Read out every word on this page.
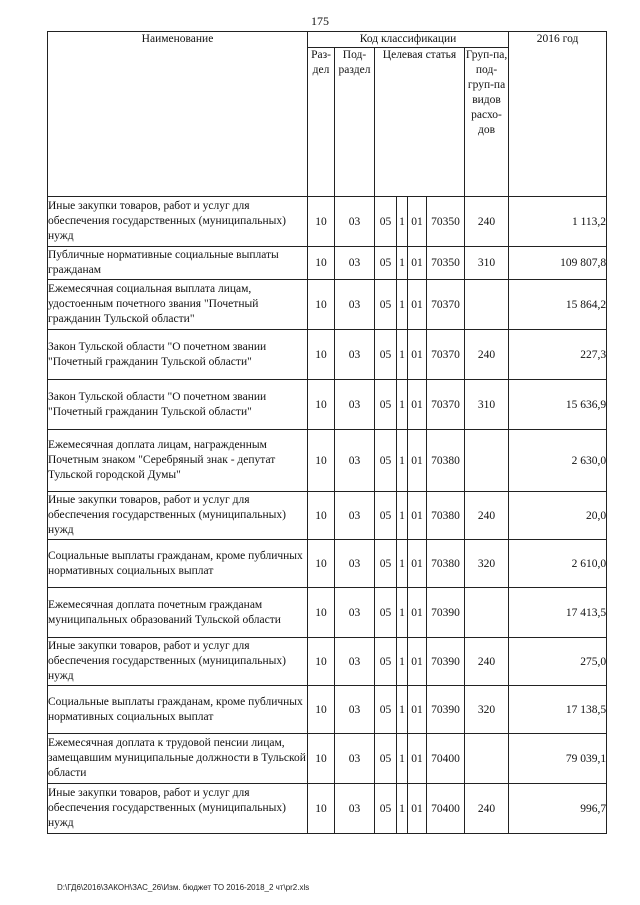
175
Наименование	Код классификации							2016 год
	Раз-дел	Под-раздел	Целевая статья				Груп-па, под-груп-па видов расхо-дов	
Иные закупки товаров, работ и услуг для обеспечения государственных (муниципальных) нужд	10	03	05	1	01	70350	240	1 113,2
Публичные нормативные социальные выплаты гражданам	10	03	05	1	01	70350	310	109 807,8
Ежемесячная социальная выплата лицам, удостоенным почетного звания "Почетный гражданин Тульской области"	10	03	05	1	01	70370		15 864,2
Закон Тульской области "О почетном звании "Почетный гражданин Тульской области"	10	03	05	1	01	70370	240	227,3
Закон Тульской области "О почетном звании "Почетный гражданин Тульской области"	10	03	05	1	01	70370	310	15 636,9
Ежемесячная доплата лицам, награжденным Почетным знаком "Серебряный знак - депутат Тульской городской Думы"	10	03	05	1	01	70380		2 630,0
Иные закупки товаров, работ и услуг для обеспечения государственных (муниципальных) нужд	10	03	05	1	01	70380	240	20,0
Социальные выплаты гражданам, кроме публичных нормативных социальных выплат	10	03	05	1	01	70380	320	2 610,0
Ежемесячная доплата почетным гражданам муниципальных образований Тульской области	10	03	05	1	01	70390		17 413,5
Иные закупки товаров, работ и услуг для обеспечения государственных (муниципальных) нужд	10	03	05	1	01	70390	240	275,0
Социальные выплаты гражданам, кроме публичных нормативных социальных выплат	10	03	05	1	01	70390	320	17 138,5
Ежемесячная доплата к трудовой пенсии лицам, замещавшим муниципальные должности в Тульской области	10	03	05	1	01	70400		79 039,1
Иные закупки товаров, работ и услуг для обеспечения государственных (муниципальных) нужд	10	03	05	1	01	70400	240	996,7
D:\ГД6\2016\ЗАКОН\ЗАС_26\Изм. бюджет ТО 2016-2018_2 чт\pr2.xls
